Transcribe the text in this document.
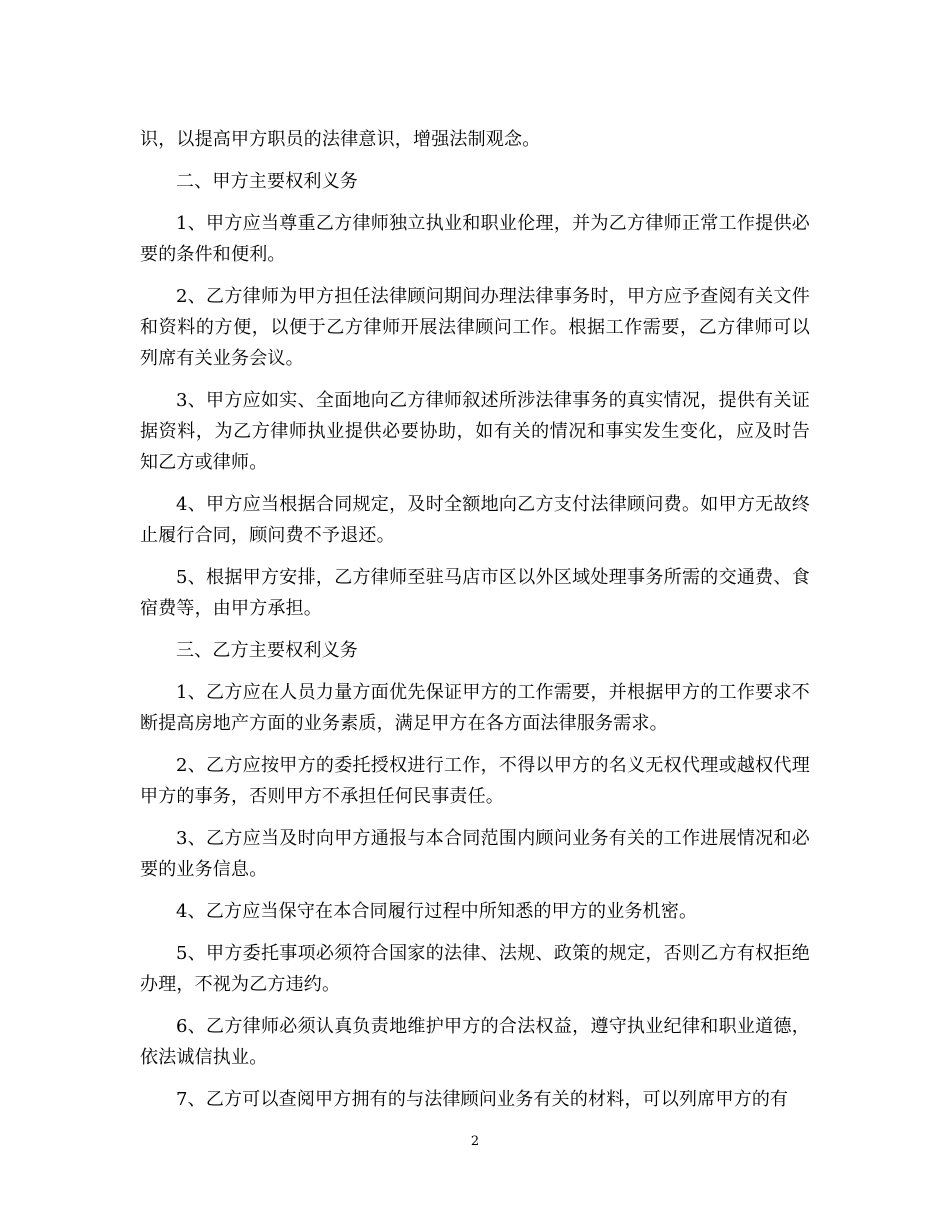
识，以提高甲方职员的法律意识，增强法制观念。

二、甲方主要权利义务

1、甲方应当尊重乙方律师独立执业和职业伦理，并为乙方律师正常工作提供必要的条件和便利。

2、乙方律师为甲方担任法律顾问期间办理法律事务时，甲方应予查阅有关文件和资料的方便，以便于乙方律师开展法律顾问工作。根据工作需要，乙方律师可以列席有关业务会议。

3、甲方应如实、全面地向乙方律师叙述所涉法律事务的真实情况，提供有关证据资料，为乙方律师执业提供必要协助，如有关的情况和事实发生变化，应及时告知乙方或律师。

4、甲方应当根据合同规定，及时全额地向乙方支付法律顾问费。如甲方无故终止履行合同，顾问费不予退还。

5、根据甲方安排，乙方律师至驻马店市区以外区域处理事务所需的交通费、食宿费等，由甲方承担。

三、乙方主要权利义务

1、乙方应在人员力量方面优先保证甲方的工作需要，并根据甲方的工作要求不断提高房地产方面的业务素质，满足甲方在各方面法律服务需求。

2、乙方应按甲方的委托授权进行工作，不得以甲方的名义无权代理或越权代理甲方的事务，否则甲方不承担任何民事责任。

3、乙方应当及时向甲方通报与本合同范围内顾问业务有关的工作进展情况和必要的业务信息。

4、乙方应当保守在本合同履行过程中所知悉的甲方的业务机密。

5、甲方委托事项必须符合国家的法律、法规、政策的规定，否则乙方有权拒绝办理，不视为乙方违约。

6、乙方律师必须认真负责地维护甲方的合法权益，遵守执业纪律和职业道德，依法诚信执业。

7、乙方可以查阅甲方拥有的与法律顾问业务有关的材料，可以列席甲方的有

2
